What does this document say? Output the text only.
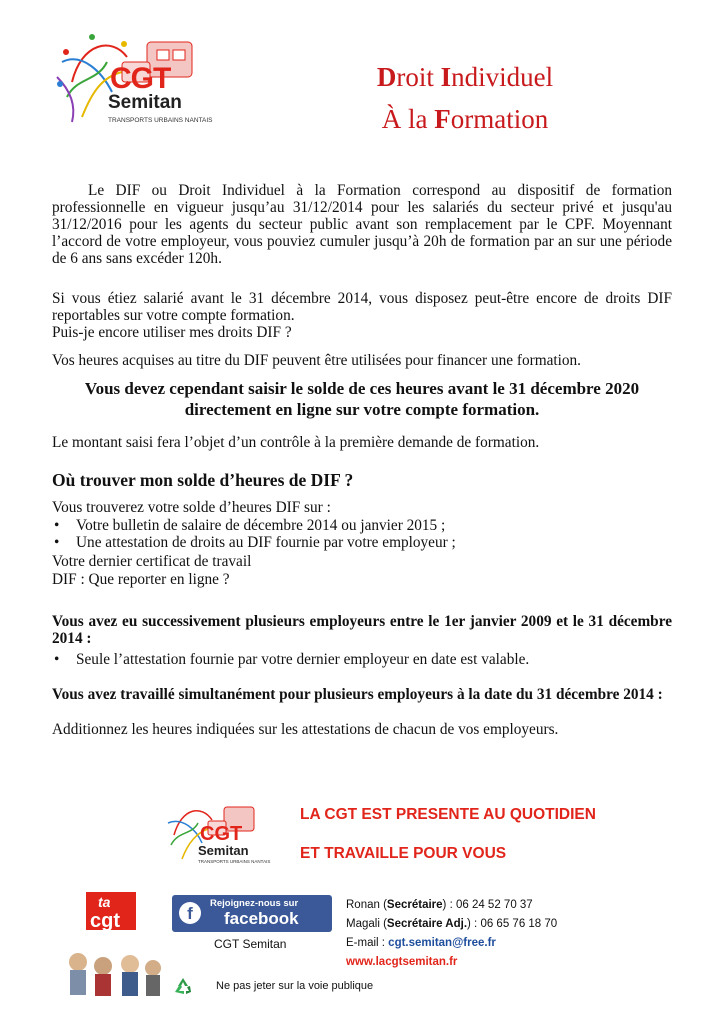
CGT
Semitan
TRANSPORTS URBAINS NANTAIS
Droit Individuel
À la Formation
Le DIF ou Droit Individuel à la Formation correspond au dispositif de formation professionnelle en vigueur jusqu’au 31/12/2014 pour les salariés du secteur privé et jusqu'au 31/12/2016 pour les agents du secteur public avant son remplacement par le CPF. Moyennant l’accord de votre employeur, vous pouviez cumuler jusqu’à 20h de formation par an sur une période de 6 ans sans excéder 120h.
Si vous étiez salarié avant le 31 décembre 2014, vous disposez peut-être encore de droits DIF reportables sur votre compte formation.
Puis-je encore utiliser mes droits DIF ?
Vos heures acquises au titre du DIF peuvent être utilisées pour financer une formation.
Vous devez cependant saisir le solde de ces heures avant le 31 décembre 2020 directement en ligne sur votre compte formation.
Le montant saisi fera l’objet d’un contrôle à la première demande de formation.
Où trouver mon solde d’heures de DIF ?
Vous trouverez votre solde d’heures DIF sur :
• Votre bulletin de salaire de décembre 2014 ou janvier 2015 ;
• Une attestation de droits au DIF fournie par votre employeur ;
Votre dernier certificat de travail
DIF : Que reporter en ligne ?
Vous avez eu successivement plusieurs employeurs entre le 1er janvier 2009 et le 31 décembre 2014 :
• Seule l’attestation fournie par votre dernier employeur en date est valable.
Vous avez travaillé simultanément pour plusieurs employeurs à la date du 31 décembre 2014 :
Additionnez les heures indiquées sur les attestations de chacun de vos employeurs.
CGT
Semitan
TRANSPORTS URBAINS NANTAIS
LA CGT EST PRESENTE AU QUOTIDIEN
ET TRAVAILLE POUR VOUS
ta
cgt	f
Rejoignez-nous sur
facebook
CGT Semitan
Ronan (Secrétaire) : 06 24 52 70 37
Magali (Secrétaire Adj.) : 06 65 76 18 70
E-mail : cgt.semitan@free.fr
www.lacgtsemitan.fr
Ne pas jeter sur la voie publique
